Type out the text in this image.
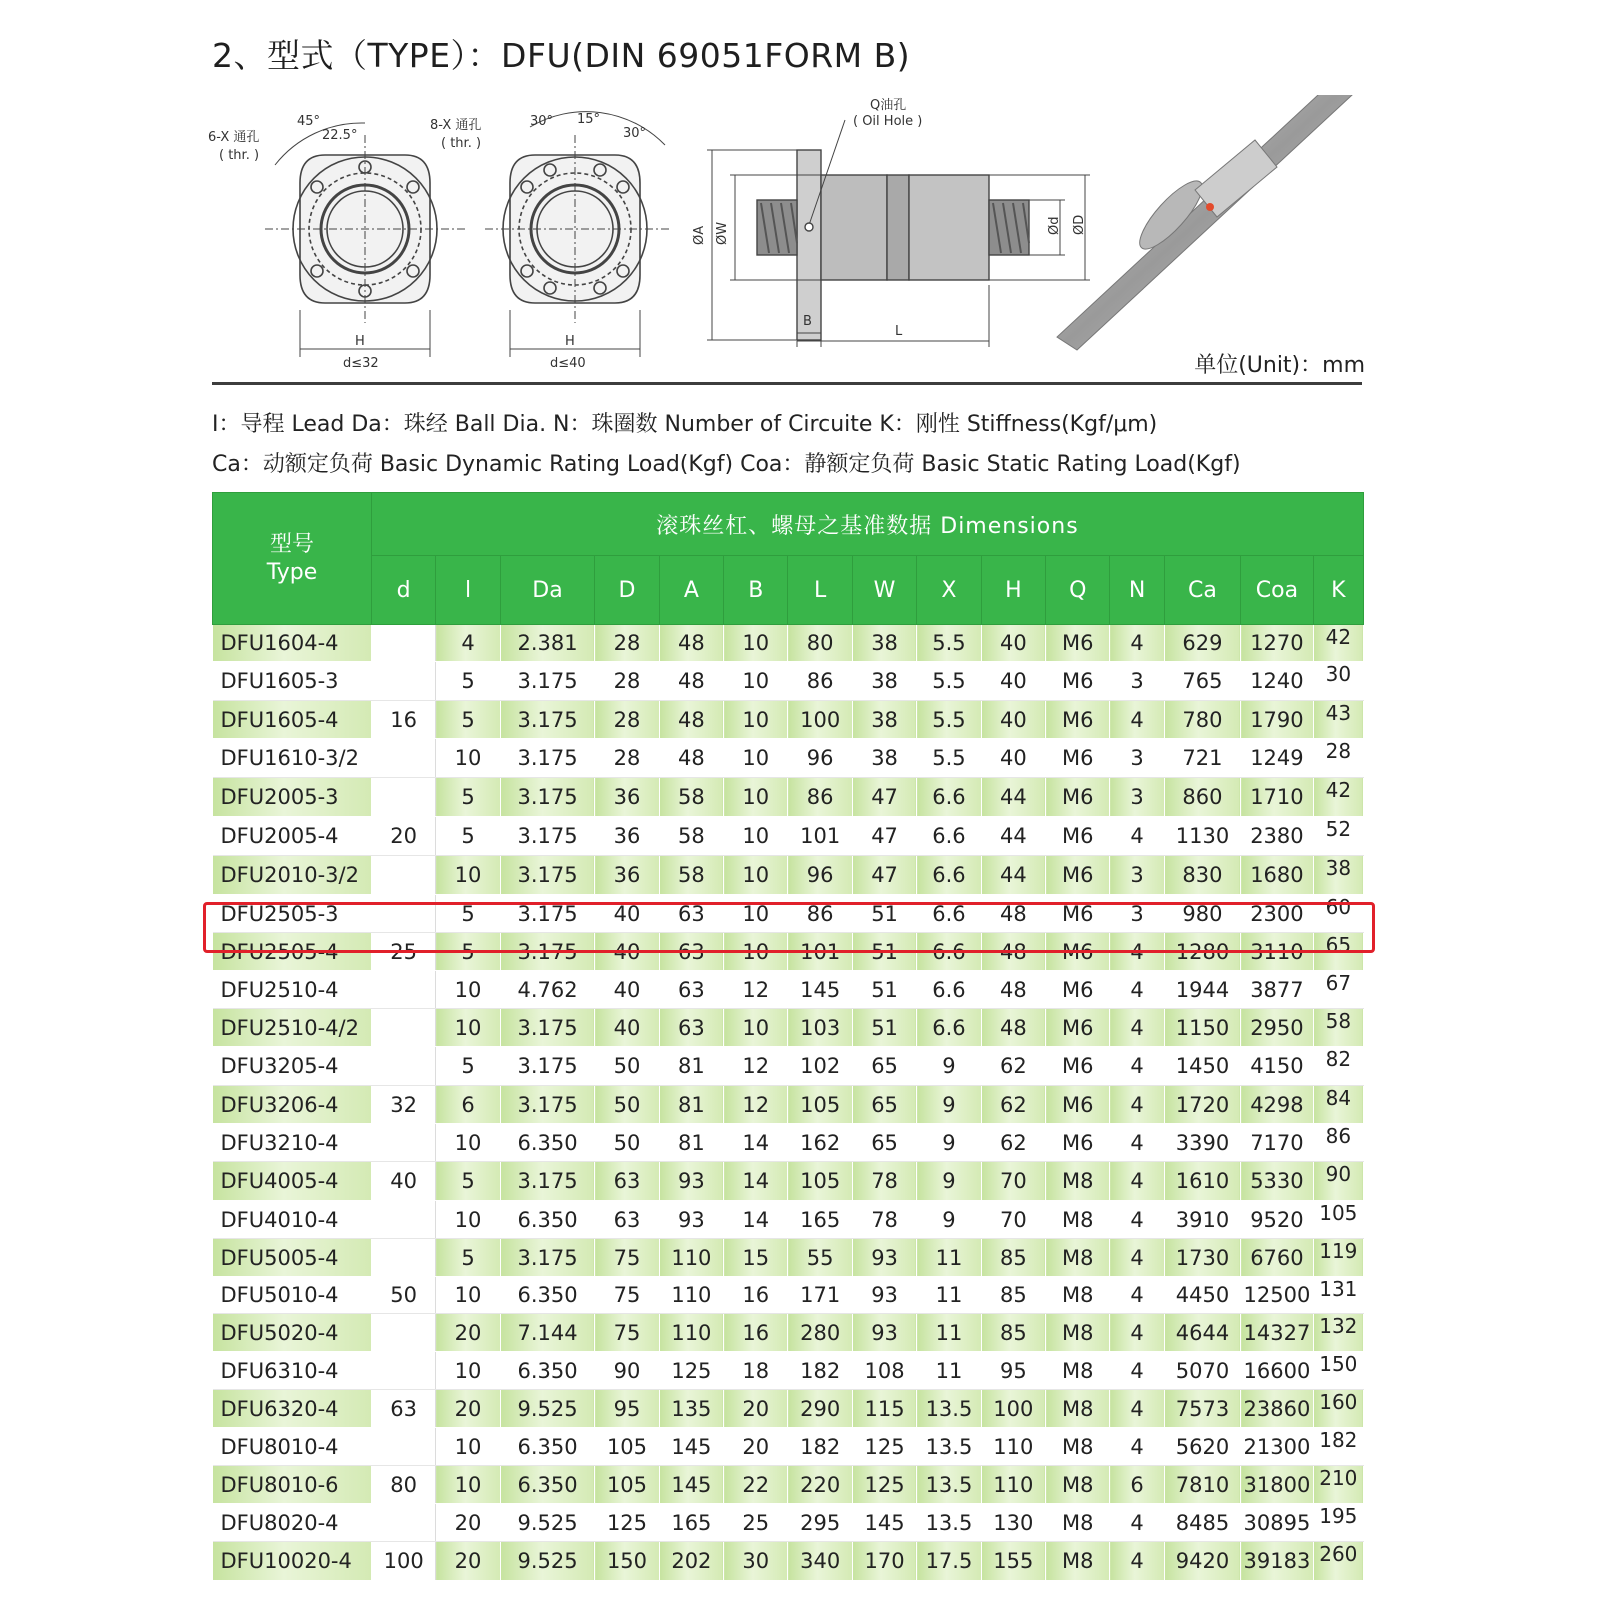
2、型式（TYPE）：DFU(DIN 69051FORM B)
6-X 通孔
( thr. )
45°
22.5°
H
d≤32
8-X 通孔
( thr. )
30° 15°
30°
H
d≤40
Q油孔
( Oil Hole )
ØA ØW	Ød ØD
B
L
单位(Unit)：mm
I：导程 Lead Da：珠经 Ball Dia. N：珠圈数 Number of Circuite K：刚性 Stiffness(Kgf/μm)
Ca：动额定负荷 Basic Dynamic Rating Load(Kgf) Coa：静额定负荷 Basic Static Rating Load(Kgf)
型号
Type	滚珠丝杠、螺母之基准数据 Dimensions														
	d	l	Da	D	A	B	L	W	X	H	Q	N	Ca	Coa	K
DFU1604-4		4	2.381	28	48	10	80	38	5.5	40	M6	4	629	1270	42
DFU1605-3		5	3.175	28	48	10	86	38	5.5	40	M6	3	765	1240	30
DFU1605-4	16	5	3.175	28	48	10	100	38	5.5	40	M6	4	780	1790	43
DFU1610-3/2		10	3.175	28	48	10	96	38	5.5	40	M6	3	721	1249	28
DFU2005-3		5	3.175	36	58	10	86	47	6.6	44	M6	3	860	1710	42
DFU2005-4	20	5	3.175	36	58	10	101	47	6.6	44	M6	4	1130	2380	52
DFU2010-3/2		10	3.175	36	58	10	96	47	6.6	44	M6	3	830	1680	38
DFU2505-3		5	3.175	40	63	10	86	51	6.6	48	M6	3	980	2300	60
DFU2505-4	25	5	3.175	40	63	10	101	51	6.6	48	M6	4	1280	3110	65
DFU2510-4		10	4.762	40	63	12	145	51	6.6	48	M6	4	1944	3877	67
DFU2510-4/2		10	3.175	40	63	10	103	51	6.6	48	M6	4	1150	2950	58
DFU3205-4		5	3.175	50	81	12	102	65	9	62	M6	4	1450	4150	82
DFU3206-4	32	6	3.175	50	81	12	105	65	9	62	M6	4	1720	4298	84
DFU3210-4		10	6.350	50	81	14	162	65	9	62	M6	4	3390	7170	86
DFU4005-4	40	5	3.175	63	93	14	105	78	9	70	M8	4	1610	5330	90
DFU4010-4		10	6.350	63	93	14	165	78	9	70	M8	4	3910	9520	105
DFU5005-4		5	3.175	75	110	15	55	93	11	85	M8	4	1730	6760	119
DFU5010-4	50	10	6.350	75	110	16	171	93	11	85	M8	4	4450	12500	131
DFU5020-4		20	7.144	75	110	16	280	93	11	85	M8	4	4644	14327	132
DFU6310-4		10	6.350	90	125	18	182	108	11	95	M8	4	5070	16600	150
DFU6320-4	63	20	9.525	95	135	20	290	115	13.5	100	M8	4	7573	23860	160
DFU8010-4		10	6.350	105	145	20	182	125	13.5	110	M8	4	5620	21300	182
DFU8010-6	80	10	6.350	105	145	22	220	125	13.5	110	M8	6	7810	31800	210
DFU8020-4		20	9.525	125	165	25	295	145	13.5	130	M8	4	8485	30895	195
DFU10020-4	100	20	9.525	150	202	30	340	170	17.5	155	M8	4	9420	39183	260
